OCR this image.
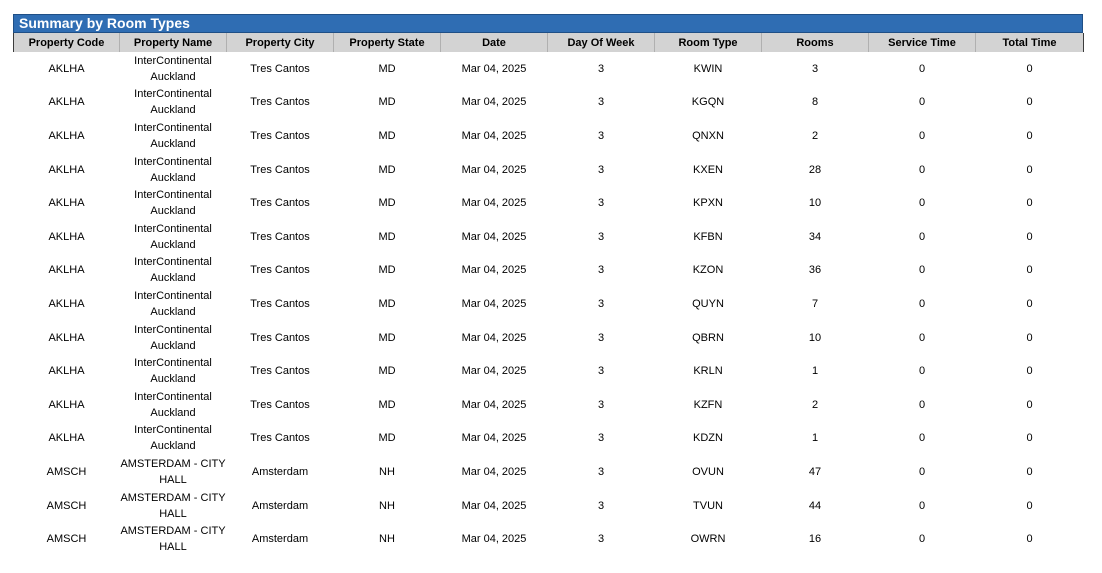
Summary by Room Types
Property Code	Property Name	Property City	Property State	Date	Day Of Week	Room Type	Rooms	Service Time	Total Time
AKLHA	InterContinental Auckland	Tres Cantos	MD	Mar 04, 2025	3	KWIN	3	0	0
AKLHA	InterContinental Auckland	Tres Cantos	MD	Mar 04, 2025	3	KGQN	8	0	0
AKLHA	InterContinental Auckland	Tres Cantos	MD	Mar 04, 2025	3	QNXN	2	0	0
AKLHA	InterContinental Auckland	Tres Cantos	MD	Mar 04, 2025	3	KXEN	28	0	0
AKLHA	InterContinental Auckland	Tres Cantos	MD	Mar 04, 2025	3	KPXN	10	0	0
AKLHA	InterContinental Auckland	Tres Cantos	MD	Mar 04, 2025	3	KFBN	34	0	0
AKLHA	InterContinental Auckland	Tres Cantos	MD	Mar 04, 2025	3	KZON	36	0	0
AKLHA	InterContinental Auckland	Tres Cantos	MD	Mar 04, 2025	3	QUYN	7	0	0
AKLHA	InterContinental Auckland	Tres Cantos	MD	Mar 04, 2025	3	QBRN	10	0	0
AKLHA	InterContinental Auckland	Tres Cantos	MD	Mar 04, 2025	3	KRLN	1	0	0
AKLHA	InterContinental Auckland	Tres Cantos	MD	Mar 04, 2025	3	KZFN	2	0	0
AKLHA	InterContinental Auckland	Tres Cantos	MD	Mar 04, 2025	3	KDZN	1	0	0
AMSCH	AMSTERDAM - CITY HALL	Amsterdam	NH	Mar 04, 2025	3	OVUN	47	0	0
AMSCH	AMSTERDAM - CITY HALL	Amsterdam	NH	Mar 04, 2025	3	TVUN	44	0	0
AMSCH	AMSTERDAM - CITY HALL	Amsterdam	NH	Mar 04, 2025	3	OWRN	16	0	0
